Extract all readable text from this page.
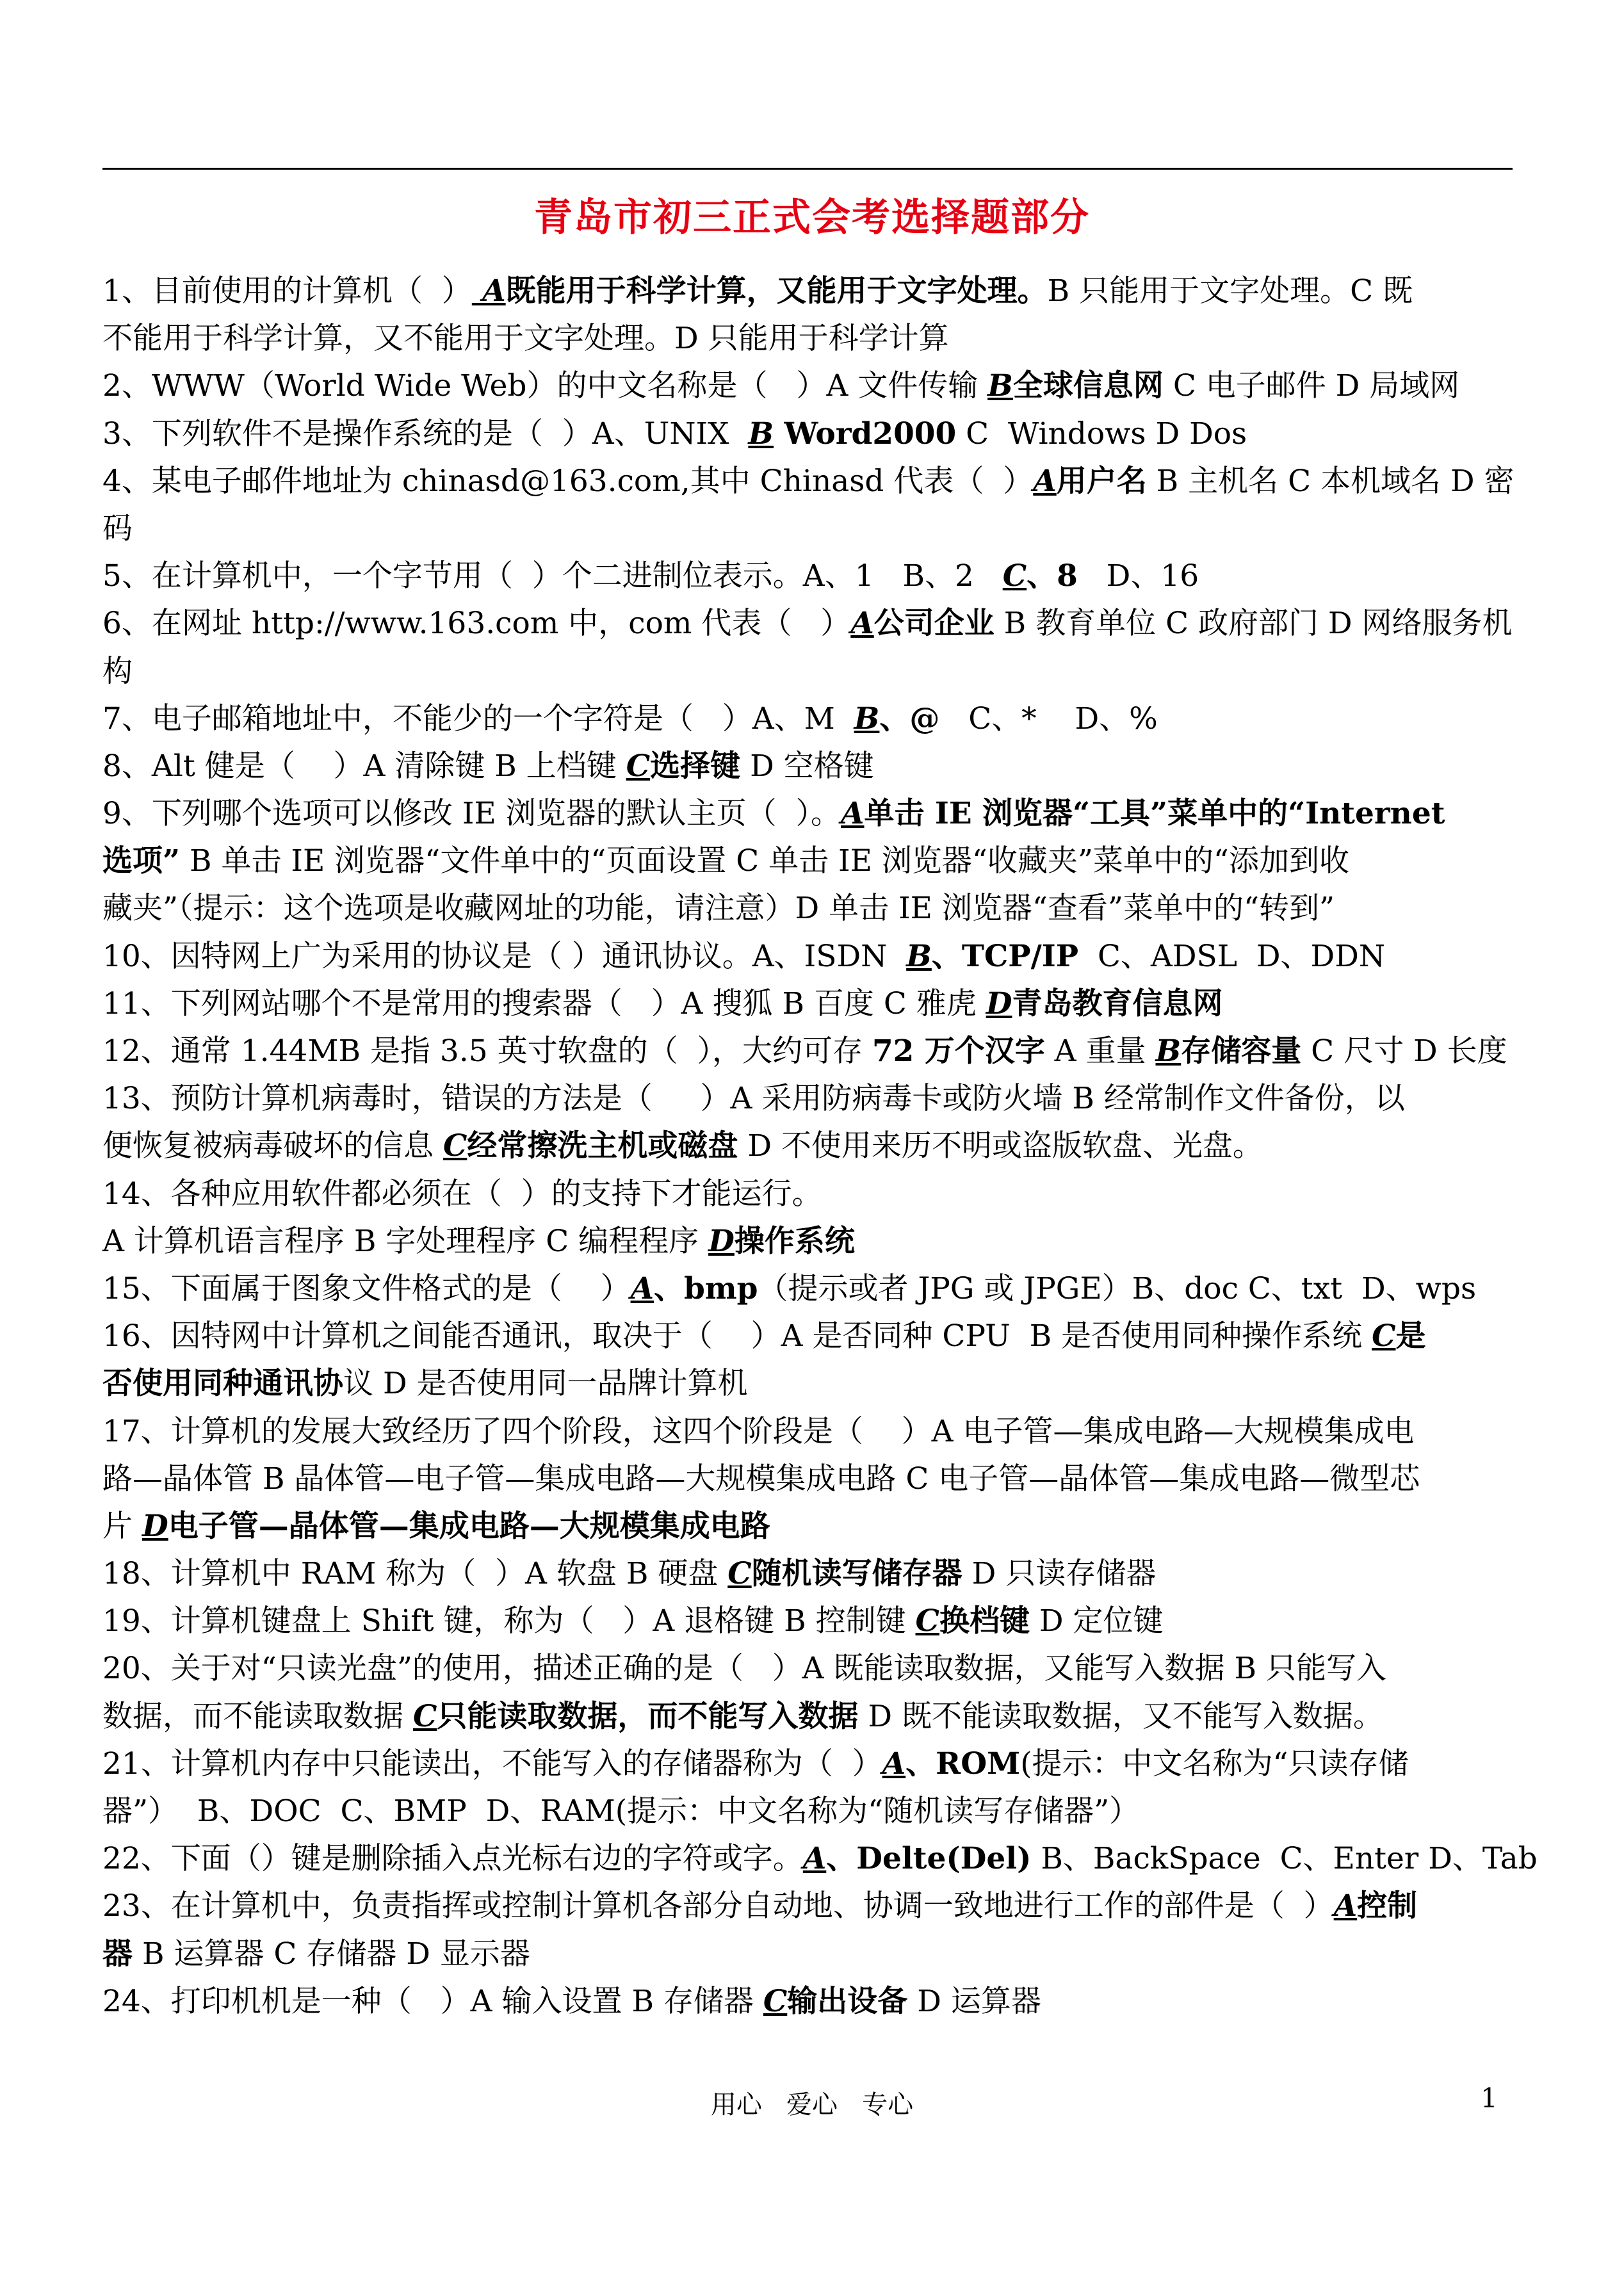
青岛市初三正式会考选择题部分
1、目前使用的计算机（  ） A既能用于科学计算，又能用于文字处理。B 只能用于文字处理。C 既
不能用于科学计算，又不能用于文字处理。D 只能用于科学计算
2、WWW（World Wide Web）的中文名称是（   ）A 文件传输 B全球信息网 C 电子邮件 D 局域网
3、下列软件不是操作系统的是（  ）A、UNIX  B Word2000 C  Windows D Dos
4、某电子邮件地址为 chinasd@163.com,其中 Chinasd 代表（  ）A用户名 B 主机名 C 本机域名 D 密
码
5、在计算机中，一个字节用（  ）个二进制位表示。A、1   B、2   C、8   D、16
6、在网址 http://www.163.com 中，com 代表（   ）A公司企业 B 教育单位 C 政府部门 D 网络服务机
构
7、电子邮箱地址中，不能少的一个字符是（   ）A、M  B、@   C、*    D、%
8、Alt 健是（    ）A 清除键 B 上档键 C选择键 D 空格键
9、下列哪个选项可以修改 IE 浏览器的默认主页（  ）。A单击 IE 浏览器“工具”菜单中的“Internet
选项” B 单击 IE 浏览器“文件单中的“页面设置 C 单击 IE 浏览器“收藏夹”菜单中的“添加到收
藏夹”（提示：这个选项是收藏网址的功能，请注意）D 单击 IE 浏览器“查看”菜单中的“转到”
10、因特网上广为采用的协议是（ ）通讯协议。A、ISDN  B、TCP/IP  C、ADSL  D、DDN
11、下列网站哪个不是常用的搜索器（   ）A 搜狐 B 百度 C 雅虎 D青岛教育信息网
12、通常 1.44MB 是指 3.5 英寸软盘的（  ），大约可存 72 万个汉字 A 重量 B存储容量 C 尺寸 D 长度
13、预防计算机病毒时，错误的方法是（     ）A 采用防病毒卡或防火墙 B 经常制作文件备份，以
便恢复被病毒破坏的信息 C经常擦洗主机或磁盘 D 不使用来历不明或盗版软盘、光盘。
14、各种应用软件都必须在（  ）的支持下才能运行。
A 计算机语言程序 B 字处理程序 C 编程程序 D操作系统
15、下面属于图象文件格式的是（    ）A、bmp（提示或者 JPG 或 JPGE）B、doc C、txt  D、wps
16、因特网中计算机之间能否通讯，取决于（    ）A 是否同种 CPU  B 是否使用同种操作系统 C是
否使用同种通讯协议 D 是否使用同一品牌计算机
17、计算机的发展大致经历了四个阶段，这四个阶段是（    ）A 电子管—集成电路—大规模集成电
路—晶体管 B 晶体管—电子管—集成电路—大规模集成电路 C 电子管—晶体管—集成电路—微型芯
片 D电子管—晶体管—集成电路—大规模集成电路
18、计算机中 RAM 称为（  ）A 软盘 B 硬盘 C随机读写储存器 D 只读存储器
19、计算机键盘上 Shift 键，称为（   ）A 退格键 B 控制键 C换档键 D 定位键
20、关于对“只读光盘”的使用，描述正确的是（   ）A 既能读取数据，又能写入数据 B 只能写入
数据，而不能读取数据 C只能读取数据，而不能写入数据 D 既不能读取数据，又不能写入数据。
21、计算机内存中只能读出，不能写入的存储器称为（  ）A、ROM(提示：中文名称为“只读存储
器”）  B、DOC  C、BMP  D、RAM(提示：中文名称为“随机读写存储器”）
22、下面（）键是删除插入点光标右边的字符或字。A、Delte(Del) B、BackSpace  C、Enter D、Tab
23、在计算机中，负责指挥或控制计算机各部分自动地、协调一致地进行工作的部件是（  ）A控制
器 B 运算器 C 存储器 D 显示器
24、打印机机是一种（   ）A 输入设置 B 存储器 C输出设备 D 运算器
用心   爱心   专心	1
